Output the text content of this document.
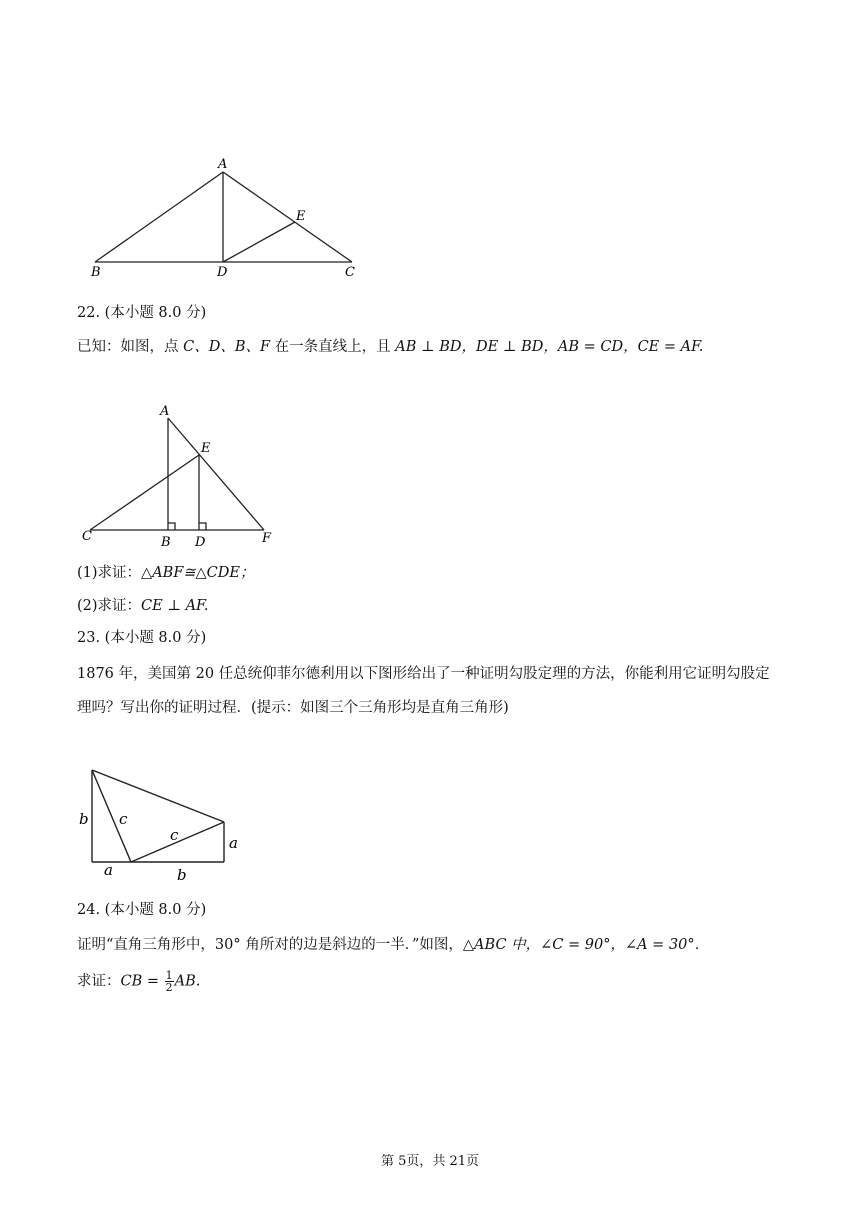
A
B	D	C
E
22. (本小题 8.0 分)
已知：如图，点 C、D、B、F 在一条直线上，且 AB ⊥ BD，DE ⊥ BD，AB = CD，CE = AF.
A
E
C	B D	F
(1)求证：△ABF≅△CDE；
(2)求证：CE ⊥ AF.
23. (本小题 8.0 分)
1876 年，美国第 20 任总统仰菲尔德利用以下图形给出了一种证明勾股定理的方法，你能利用它证明勾股定理吗？写出你的证明过程．(提示：如图三个三角形均是直角三角形)
b c
c	a
a	b
24. (本小题 8.0 分)
证明“直角三角形中，30° 角所对的边是斜边的一半．”如图，△ABC 中，∠C = 90°，∠A = 30°．
求证：CB = $\frac{1}{2}$ AB.
第 5页，共 21页
